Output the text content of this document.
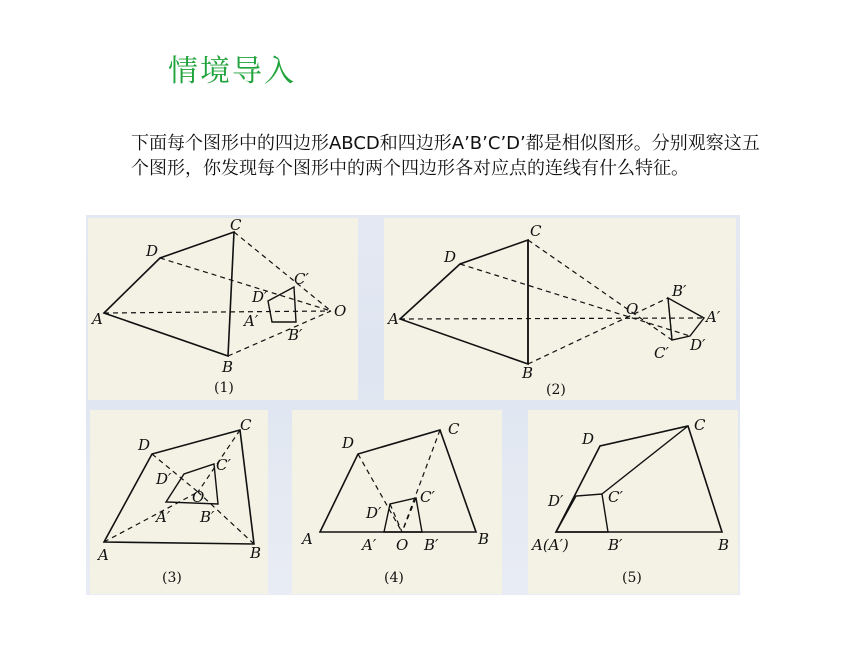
情境导入
下面每个图形中的四边形ABCD和四边形A’B’C’D’都是相似图形。分别观察这五个图形，你发现每个图形中的两个四边形各对应点的连线有什么特征。
A
B
C
D
A′
B′
C′
D′
O
(1)
A
B
C
D
A′
B′
C′ D′
O
(2)
A	B
C
D
A′ B′
C′
D′
O
(3)
A	B
C
D
A′	B′
C′
D′
O
(4)
A(A′)	B
C
D
B′
C′
D′
(5)
